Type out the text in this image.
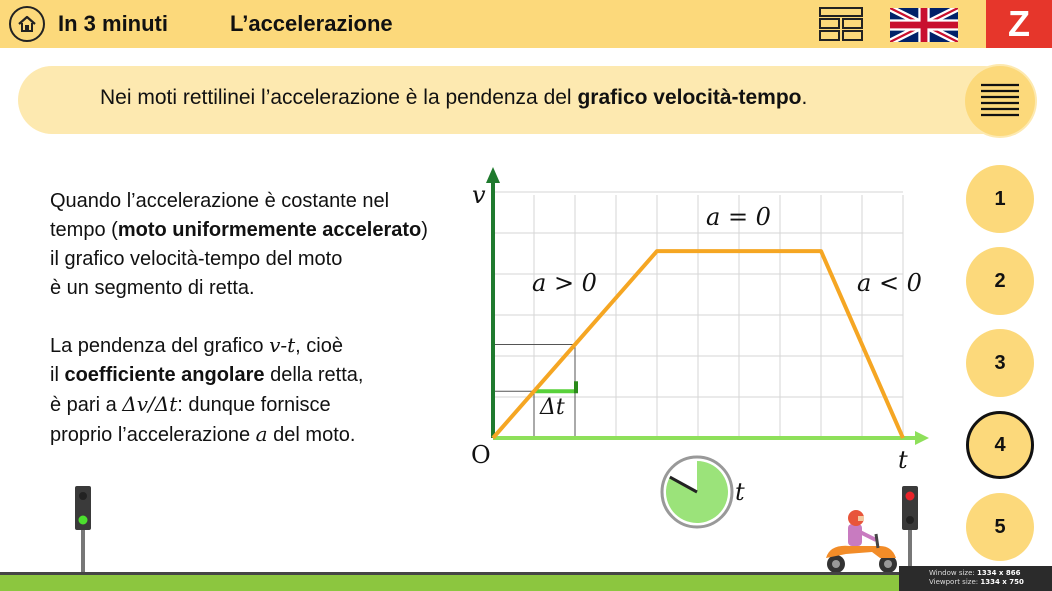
In 3 minuti	L’accelerazione	Z
Nei moti rettilinei l’accelerazione è la pendenza del grafico velocità-tempo.
Quando l’accelerazione è costante nel
tempo (moto uniformemente accelerato)
il grafico velocità-tempo del moto
è un segmento di retta.
La pendenza del grafico v-t, cioè
il coefficiente angolare della retta,
è pari a Δv/Δt: dunque fornisce
proprio l’accelerazione a del moto.
v
t
O
a > 0
a = 0
a < 0
Δt
t
1
2
3
4
5
Window size: 1334 x 866
Viewport size: 1334 x 750
